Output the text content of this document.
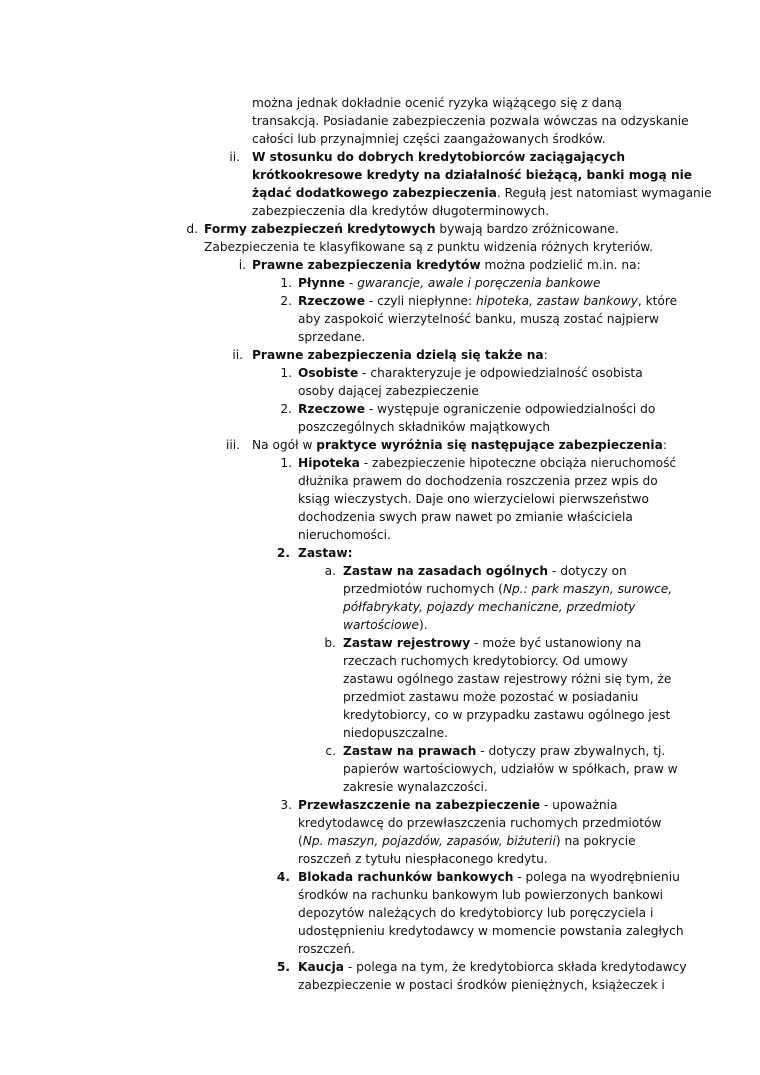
można jednak dokładnie ocenić ryzyka wiążącego się z daną
transakcją. Posiadanie zabezpieczenia pozwala wówczas na odzyskanie
całości lub przynajmniej części zaangażowanych środków.
ii. W stosunku do dobrych kredytobiorców zaciągających
krótkookresowe kredyty na działalność bieżącą, banki mogą nie
żądać dodatkowego zabezpieczenia. Regułą jest natomiast wymaganie
zabezpieczenia dla kredytów długoterminowych.
d. Formy zabezpieczeń kredytowych bywają bardzo zróżnicowane.
Zabezpieczenia te klasyfikowane są z punktu widzenia różnych kryteriów.
i. Prawne zabezpieczenia kredytów można podzielić m.in. na:
1. Płynne - gwarancje, awale i poręczenia bankowe
2. Rzeczowe - czyli niepłynne: hipoteka, zastaw bankowy, które
aby zaspokoić wierzytelność banku, muszą zostać najpierw
sprzedane.
ii. Prawne zabezpieczenia dzielą się także na:
1. Osobiste - charakteryzuje je odpowiedzialność osobista
osoby dającej zabezpieczenie
2. Rzeczowe - występuje ograniczenie odpowiedzialności do
poszczególnych składników majątkowych
iii. Na ogół w praktyce wyróżnia się następujące zabezpieczenia:
1. Hipoteka - zabezpieczenie hipoteczne obciąża nieruchomość
dłużnika prawem do dochodzenia roszczenia przez wpis do
ksiąg wieczystych. Daje ono wierzycielowi pierwszeństwo
dochodzenia swych praw nawet po zmianie właściciela
nieruchomości.
2. Zastaw:
a. Zastaw na zasadach ogólnych - dotyczy on
przedmiotów ruchomych (Np.: park maszyn, surowce,
półfabrykaty, pojazdy mechaniczne, przedmioty
wartościowe).
b. Zastaw rejestrowy - może być ustanowiony na
rzeczach ruchomych kredytobiorcy. Od umowy
zastawu ogólnego zastaw rejestrowy różni się tym, że
przedmiot zastawu może pozostać w posiadaniu
kredytobiorcy, co w przypadku zastawu ogólnego jest
niedopuszczalne.
c. Zastaw na prawach - dotyczy praw zbywalnych, tj.
papierów wartościowych, udziałów w spółkach, praw w
zakresie wynalazczości.
3. Przewłaszczenie na zabezpieczenie - upoważnia
kredytodawcę do przewłaszczenia ruchomych przedmiotów
(Np. maszyn, pojazdów, zapasów, biżuterii) na pokrycie
roszczeń z tytułu niespłaconego kredytu.
4. Blokada rachunków bankowych - polega na wyodrębnieniu
środków na rachunku bankowym lub powierzonych bankowi
depozytów należących do kredytobiorcy lub poręczyciela i
udostępnieniu kredytodawcy w momencie powstania zaległych
roszczeń.
5. Kaucja - polega na tym, że kredytobiorca składa kredytodawcy
zabezpieczenie w postaci środków pieniężnych, książeczek i
